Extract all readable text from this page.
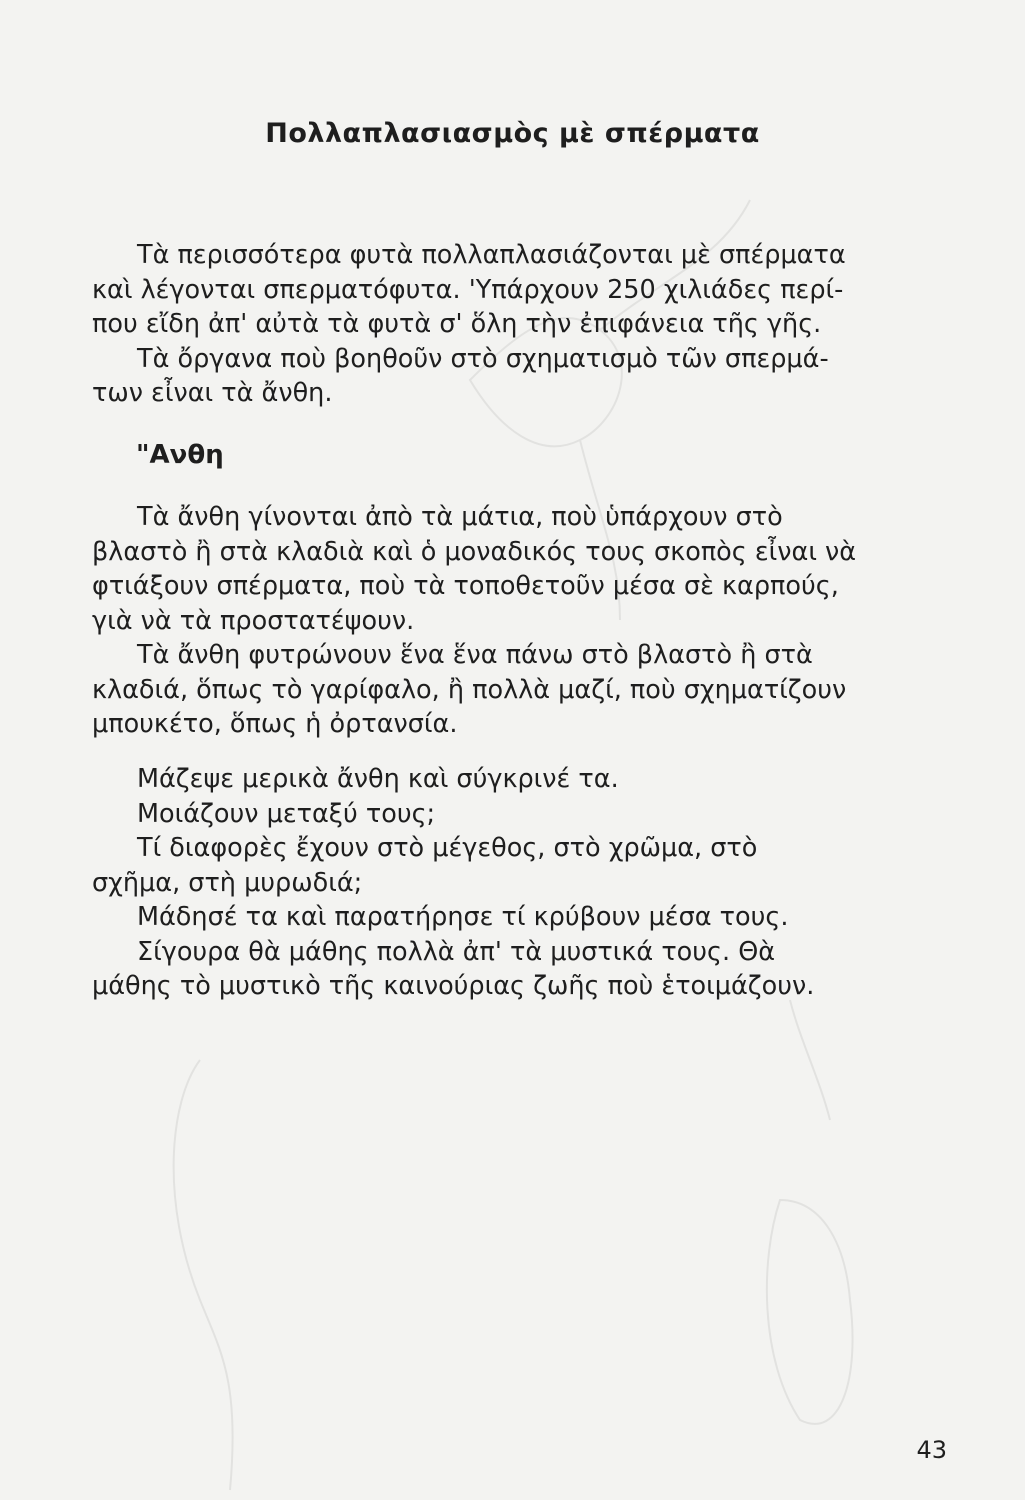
Πολλαπλασιασμὸς μὲ σπέρματα
Τὰ περισσότερα φυτὰ πολλαπλασιάζονται μὲ σπέρματα
καὶ λέγονται σπερματόφυτα. 'Υπάρχουν 250 χιλιάδες περί-
που εἴδη ἀπ' αὐτὰ τὰ φυτὰ σ' ὅλη τὴν ἐπιφάνεια τῆς γῆς.
Τὰ ὄργανα ποὺ βοηθοῦν στὸ σχηματισμὸ τῶν σπερμά-
των εἶναι τὰ ἄνθη.
"Ανθη
Τὰ ἄνθη γίνονται ἀπὸ τὰ μάτια, ποὺ ὑπάρχουν στὸ
βλαστὸ ἢ στὰ κλαδιὰ καὶ ὁ μοναδικός τους σκοπὸς εἶναι νὰ
φτιάξουν σπέρματα, ποὺ τὰ τοποθετοῦν μέσα σὲ καρπούς,
γιὰ νὰ τὰ προστατέψουν.
Τὰ ἄνθη φυτρώνουν ἕνα ἕνα πάνω στὸ βλαστὸ ἢ στὰ
κλαδιά, ὅπως τὸ γαρίφαλο, ἢ πολλὰ μαζί, ποὺ σχηματίζουν
μπουκέτο, ὅπως ἡ ὀρτανσία.
Μάζεψε μερικὰ ἄνθη καὶ σύγκρινέ τα.
Μοιάζουν μεταξύ τους;
Τί διαφορὲς ἔχουν στὸ μέγεθος, στὸ χρῶμα, στὸ
σχῆμα, στὴ μυρωδιά;
Μάδησέ τα καὶ παρατήρησε τί κρύβουν μέσα τους.
Σίγουρα θὰ μάθης πολλὰ ἀπ' τὰ μυστικά τους. Θὰ
μάθης τὸ μυστικὸ τῆς καινούριας ζωῆς ποὺ ἑτοιμάζουν.
43
